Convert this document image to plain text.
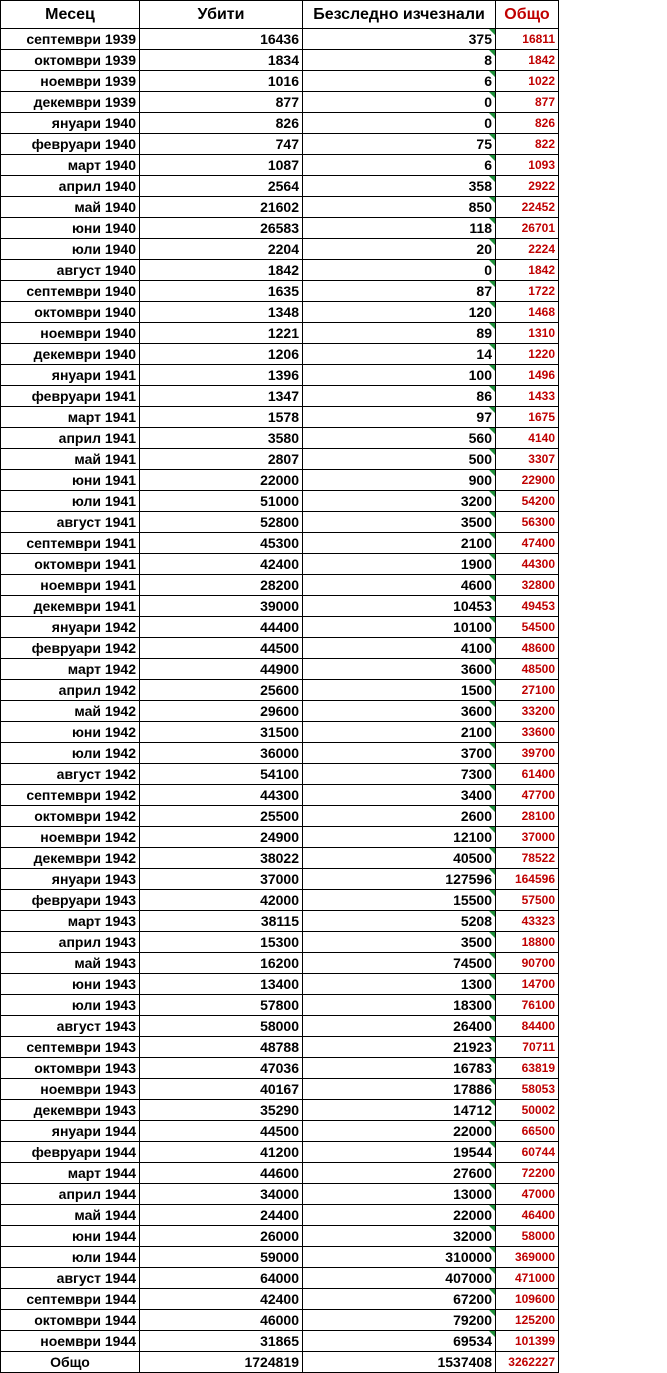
Месец	Убити	Безследно изчезнали	Общо
септември 1939	16436	375	16811
октомври 1939	1834	8	1842
ноември 1939	1016	6	1022
декември 1939	877	0	877
януари 1940	826	0	826
февруари 1940	747	75	822
март 1940	1087	6	1093
април 1940	2564	358	2922
май 1940	21602	850	22452
юни 1940	26583	118	26701
юли 1940	2204	20	2224
август 1940	1842	0	1842
септември 1940	1635	87	1722
октомври 1940	1348	120	1468
ноември 1940	1221	89	1310
декември 1940	1206	14	1220
януари 1941	1396	100	1496
февруари 1941	1347	86	1433
март 1941	1578	97	1675
април 1941	3580	560	4140
май 1941	2807	500	3307
юни 1941	22000	900	22900
юли 1941	51000	3200	54200
август 1941	52800	3500	56300
септември 1941	45300	2100	47400
октомври 1941	42400	1900	44300
ноември 1941	28200	4600	32800
декември 1941	39000	10453	49453
януари 1942	44400	10100	54500
февруари 1942	44500	4100	48600
март 1942	44900	3600	48500
април 1942	25600	1500	27100
май 1942	29600	3600	33200
юни 1942	31500	2100	33600
юли 1942	36000	3700	39700
август 1942	54100	7300	61400
септември 1942	44300	3400	47700
октомври 1942	25500	2600	28100
ноември 1942	24900	12100	37000
декември 1942	38022	40500	78522
януари 1943	37000	127596	164596
февруари 1943	42000	15500	57500
март 1943	38115	5208	43323
април 1943	15300	3500	18800
май 1943	16200	74500	90700
юни 1943	13400	1300	14700
юли 1943	57800	18300	76100
август 1943	58000	26400	84400
септември 1943	48788	21923	70711
октомври 1943	47036	16783	63819
ноември 1943	40167	17886	58053
декември 1943	35290	14712	50002
януари 1944	44500	22000	66500
февруари 1944	41200	19544	60744
март 1944	44600	27600	72200
април 1944	34000	13000	47000
май 1944	24400	22000	46400
юни 1944	26000	32000	58000
юли 1944	59000	310000	369000
август 1944	64000	407000	471000
септември 1944	42400	67200	109600
октомври 1944	46000	79200	125200
ноември 1944	31865	69534	101399
Общо	1724819	1537408	3262227
